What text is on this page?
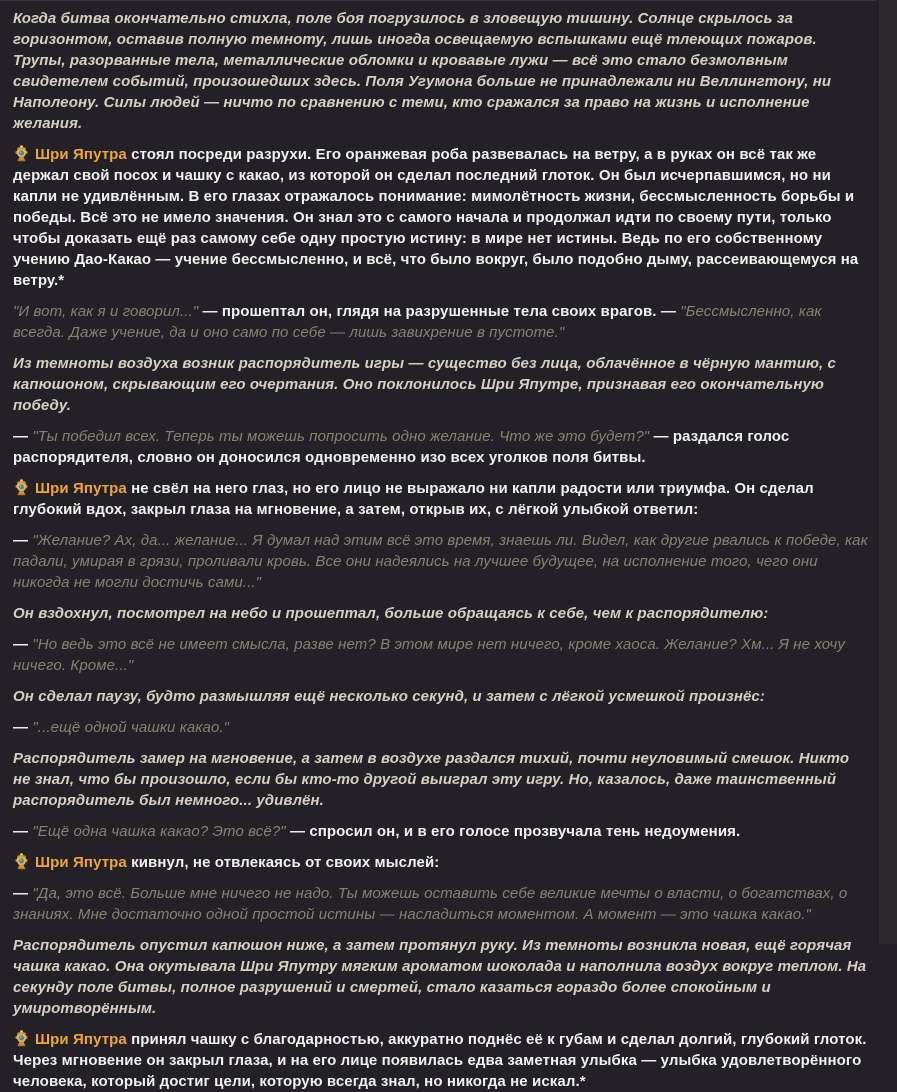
Когда битва окончательно стихла, поле боя погрузилось в зловещую тишину. Солнце скрылось за горизонтом, оставив полную темноту, лишь иногда освещаемую вспышками ещё тлеющих пожаров. Трупы, разорванные тела, металлические обломки и кровавые лужи — всё это стало безмолвным свидетелем событий, произошедших здесь. Поля Угумона больше не принадлежали ни Веллингтону, ни Наполеону. Силы людей — ничто по сравнению с теми, кто сражался за право на жизнь и исполнение желания.

Шри Япутра стоял посреди разрухи. Его оранжевая роба развевалась на ветру, а в руках он всё так же держал свой посох и чашку с какао, из которой он сделал последний глоток. Он был исчерпавшимся, но ни капли не удивлённым. В его глазах отражалось понимание: мимолётность жизни, бессмысленность борьбы и победы. Всё это не имело значения. Он знал это с самого начала и продолжал идти по своему пути, только чтобы доказать ещё раз самому себе одну простую истину: в мире нет истины. Ведь по его собственному учению Дао-Какао — учение бессмысленно, и всё, что было вокруг, было подобно дыму, рассеивающемуся на ветру.*

"И вот, как я и говорил..." — прошептал он, глядя на разрушенные тела своих врагов. — "Бессмысленно, как всегда. Даже учение, да и оно само по себе — лишь завихрение в пустоте."

Из темноты воздуха возник распорядитель игры — существо без лица, облачённое в чёрную мантию, с капюшоном, скрывающим его очертания. Оно поклонилось Шри Япутре, признавая его окончательную победу.

— "Ты победил всех. Теперь ты можешь попросить одно желание. Что же это будет?" — раздался голос распорядителя, словно он доносился одновременно изо всех уголков поля битвы.

Шри Япутра не свёл на него глаз, но его лицо не выражало ни капли радости или триумфа. Он сделал глубокий вдох, закрыл глаза на мгновение, а затем, открыв их, с лёгкой улыбкой ответил:

— "Желание? Ах, да... желание... Я думал над этим всё это время, знаешь ли. Видел, как другие рвались к победе, как падали, умирая в грязи, проливали кровь. Все они надеялись на лучшее будущее, на исполнение того, чего они никогда не могли достичь сами..."

Он вздохнул, посмотрел на небо и прошептал, больше обращаясь к себе, чем к распорядителю:

— "Но ведь это всё не имеет смысла, разве нет? В этом мире нет ничего, кроме хаоса. Желание? Хм... Я не хочу ничего. Кроме..."

Он сделал паузу, будто размышляя ещё несколько секунд, и затем с лёгкой усмешкой произнёс:

— "...ещё одной чашки какао."

Распорядитель замер на мгновение, а затем в воздухе раздался тихий, почти неуловимый смешок. Никто не знал, что бы произошло, если бы кто-то другой выиграл эту игру. Но, казалось, даже таинственный распорядитель был немного... удивлён.

— "Ещё одна чашка какао? Это всё?" — спросил он, и в его голосе прозвучала тень недоумения.

Шри Япутра кивнул, не отвлекаясь от своих мыслей:

— "Да, это всё. Больше мне ничего не надо. Ты можешь оставить себе великие мечты о власти, о богатствах, о знаниях. Мне достаточно одной простой истины — насладиться моментом. А момент — это чашка какао."

Распорядитель опустил капюшон ниже, а затем протянул руку. Из темноты возникла новая, ещё горячая чашка какао. Она окутывала Шри Япутру мягким ароматом шоколада и наполнила воздух вокруг теплом. На секунду поле битвы, полное разрушений и смертей, стало казаться гораздо более спокойным и умиротворённым.

Шри Япутра принял чашку с благодарностью, аккуратно поднёс её к губам и сделал долгий, глубокий глоток. Через мгновение он закрыл глаза, и на его лице появилась едва заметная улыбка — улыбка удовлетворённого человека, который достиг цели, которую всегда знал, но никогда не искал.*
